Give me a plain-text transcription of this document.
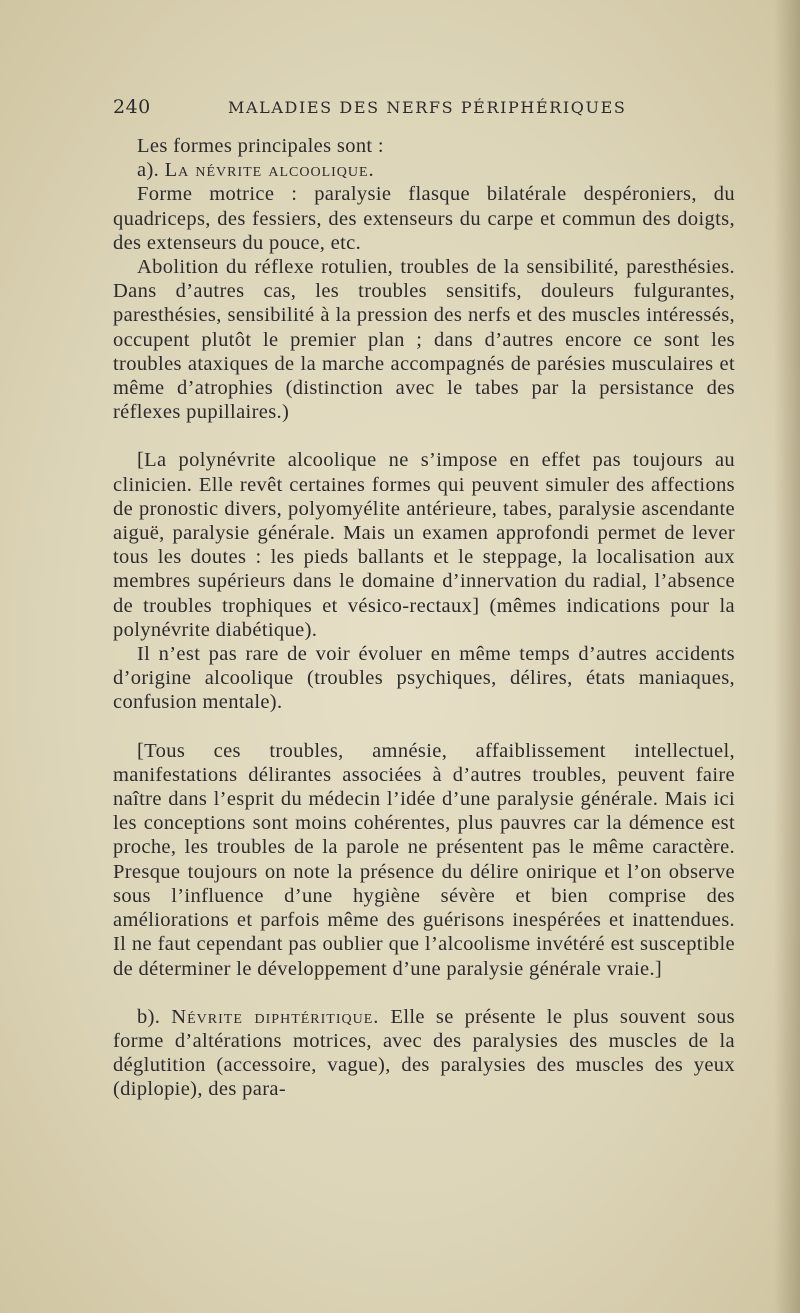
240	MALADIES DES NERFS PÉRIPHÉRIQUES

Les formes principales sont :

a). La névrite alcoolique.

Forme motrice : paralysie flasque bilatérale despéroniers, du quadriceps, des fessiers, des extenseurs du carpe et commun des doigts, des extenseurs du pouce, etc.

Abolition du réflexe rotulien, troubles de la sensibilité, paresthésies. Dans d’autres cas, les troubles sensitifs, douleurs fulgurantes, paresthésies, sensibilité à la pression des nerfs et des muscles intéressés, occupent plutôt le premier plan ; dans d’autres encore ce sont les troubles ataxiques de la marche accompagnés de parésies musculaires et même d’atrophies (distinction avec le tabes par la persistance des réflexes pupillaires.)

[La polynévrite alcoolique ne s’impose en effet pas toujours au clinicien. Elle revêt certaines formes qui peuvent simuler des affections de pronostic divers, polyomyélite antérieure, tabes, paralysie ascendante aiguë, paralysie générale. Mais un examen approfondi permet de lever tous les doutes : les pieds ballants et le steppage, la localisation aux membres supérieurs dans le domaine d’innervation du radial, l’absence de troubles trophiques et vésico-rectaux] (mêmes indications pour la polynévrite diabétique).

Il n’est pas rare de voir évoluer en même temps d’autres accidents d’origine alcoolique (troubles psychiques, délires, états maniaques, confusion mentale).

[Tous ces troubles, amnésie, affaiblissement intellectuel, manifestations délirantes associées à d’autres troubles, peuvent faire naître dans l’esprit du médecin l’idée d’une paralysie générale. Mais ici les conceptions sont moins cohérentes, plus pauvres car la démence est proche, les troubles de la parole ne présentent pas le même caractère. Presque toujours on note la présence du délire onirique et l’on observe sous l’influence d’une hygiène sévère et bien comprise des améliorations et parfois même des guérisons inespérées et inattendues. Il ne faut cependant pas oublier que l’alcoolisme invétéré est susceptible de déterminer le développement d’une paralysie générale vraie.]

b). Névrite diphtéritique. Elle se présente le plus souvent sous forme d’altérations motrices, avec des paralysies des muscles de la déglutition (accessoire, vague), des paralysies des muscles des yeux (diplopie), des para-
